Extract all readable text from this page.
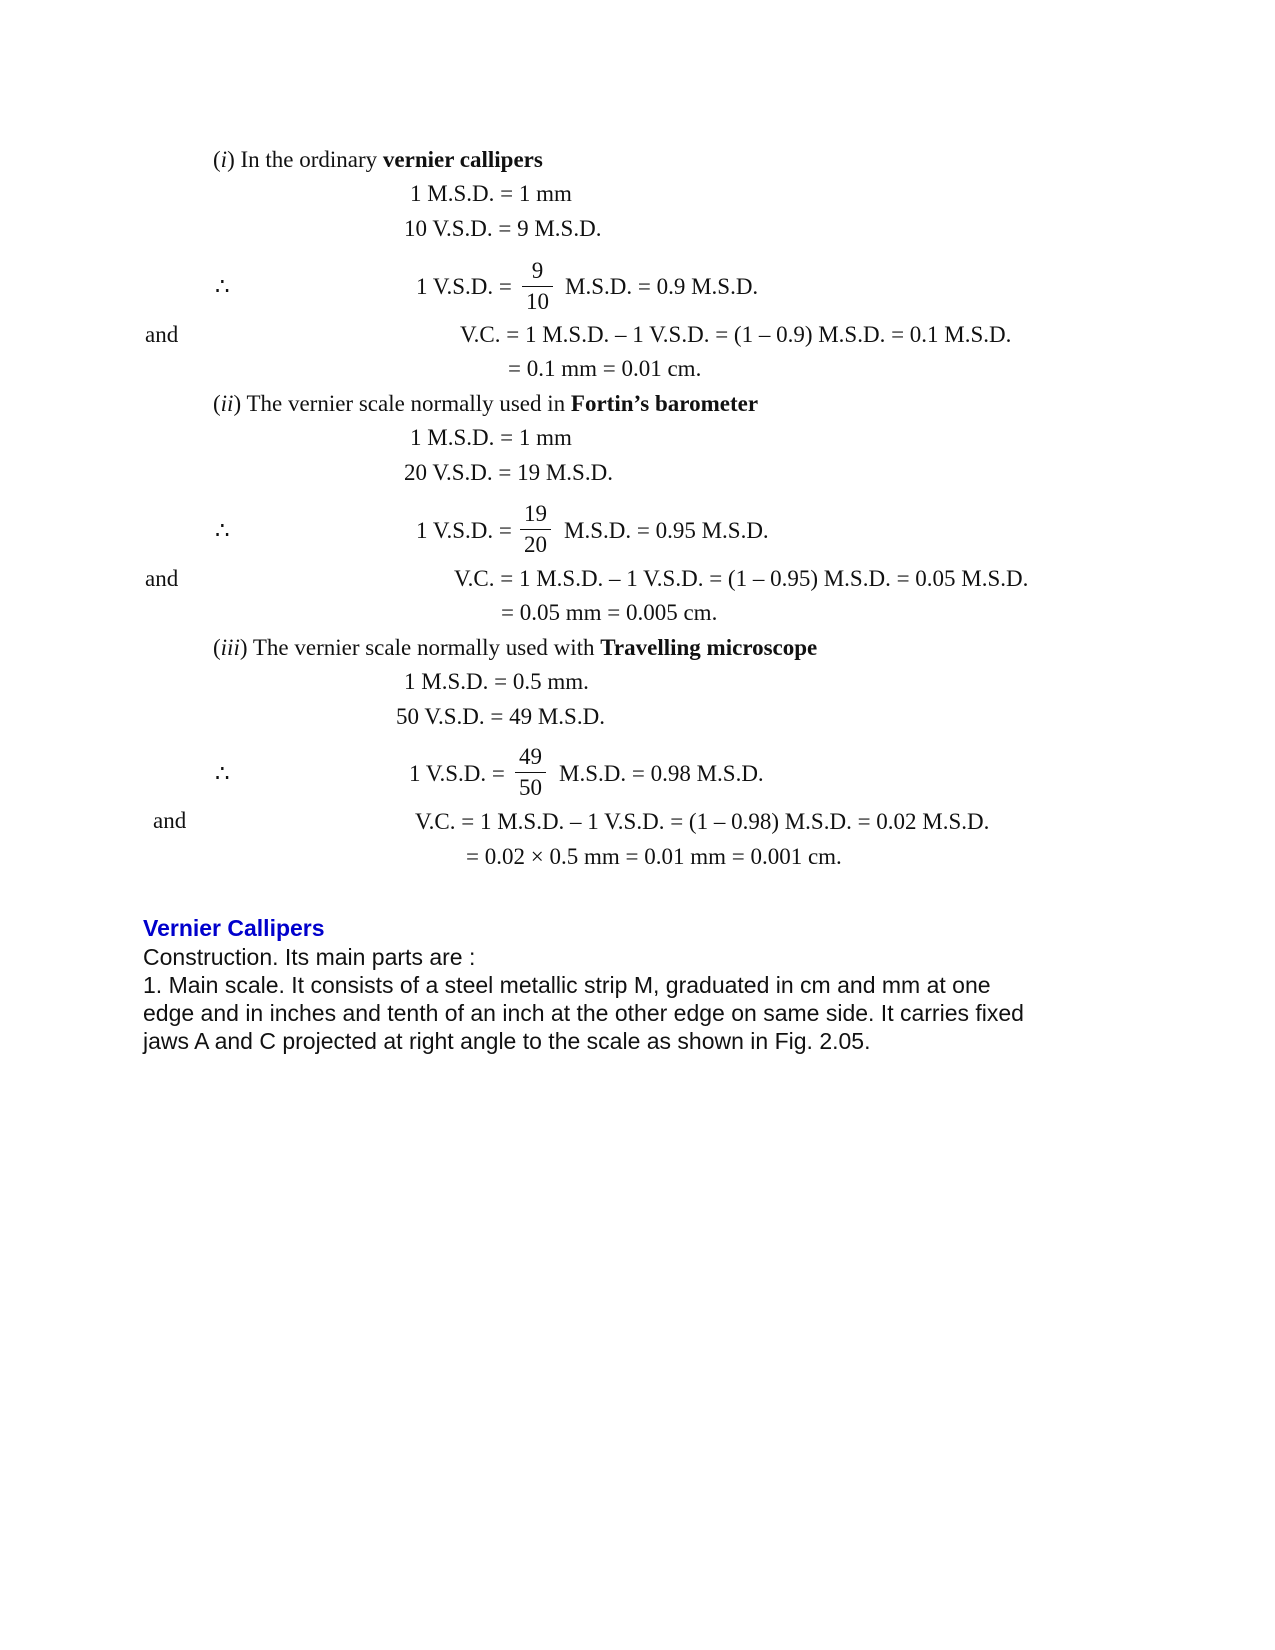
(i) In the ordinary vernier callipers
1 M.S.D. = 1 mm
10 V.S.D. = 9 M.S.D.
∴	1 V.S.D. =
9
10
M.S.D. = 0.9 M.S.D.
and	V.C. = 1 M.S.D. – 1 V.S.D. = (1 – 0.9) M.S.D. = 0.1 M.S.D.
= 0.1 mm = 0.01 cm.
(ii) The vernier scale normally used in Fortin’s barometer
1 M.S.D. = 1 mm
20 V.S.D. = 19 M.S.D.
∴	1 V.S.D. =
19
20
M.S.D. = 0.95 M.S.D.
and	V.C. = 1 M.S.D. – 1 V.S.D. = (1 – 0.95) M.S.D. = 0.05 M.S.D.
= 0.05 mm = 0.005 cm.
(iii) The vernier scale normally used with Travelling microscope
1 M.S.D. = 0.5 mm.
50 V.S.D. = 49 M.S.D.
∴	1 V.S.D. =
49
50
M.S.D. = 0.98 M.S.D.
and	V.C. = 1 M.S.D. – 1 V.S.D. = (1 – 0.98) M.S.D. = 0.02 M.S.D.
= 0.02 × 0.5 mm = 0.01 mm = 0.001 cm.
Vernier Callipers
Construction. Its main parts are :
1. Main scale. It consists of a steel metallic strip M, graduated in cm and mm at one
edge and in inches and tenth of an inch at the other edge on same side. It carries fixed
jaws A and C projected at right angle to the scale as shown in Fig. 2.05.
